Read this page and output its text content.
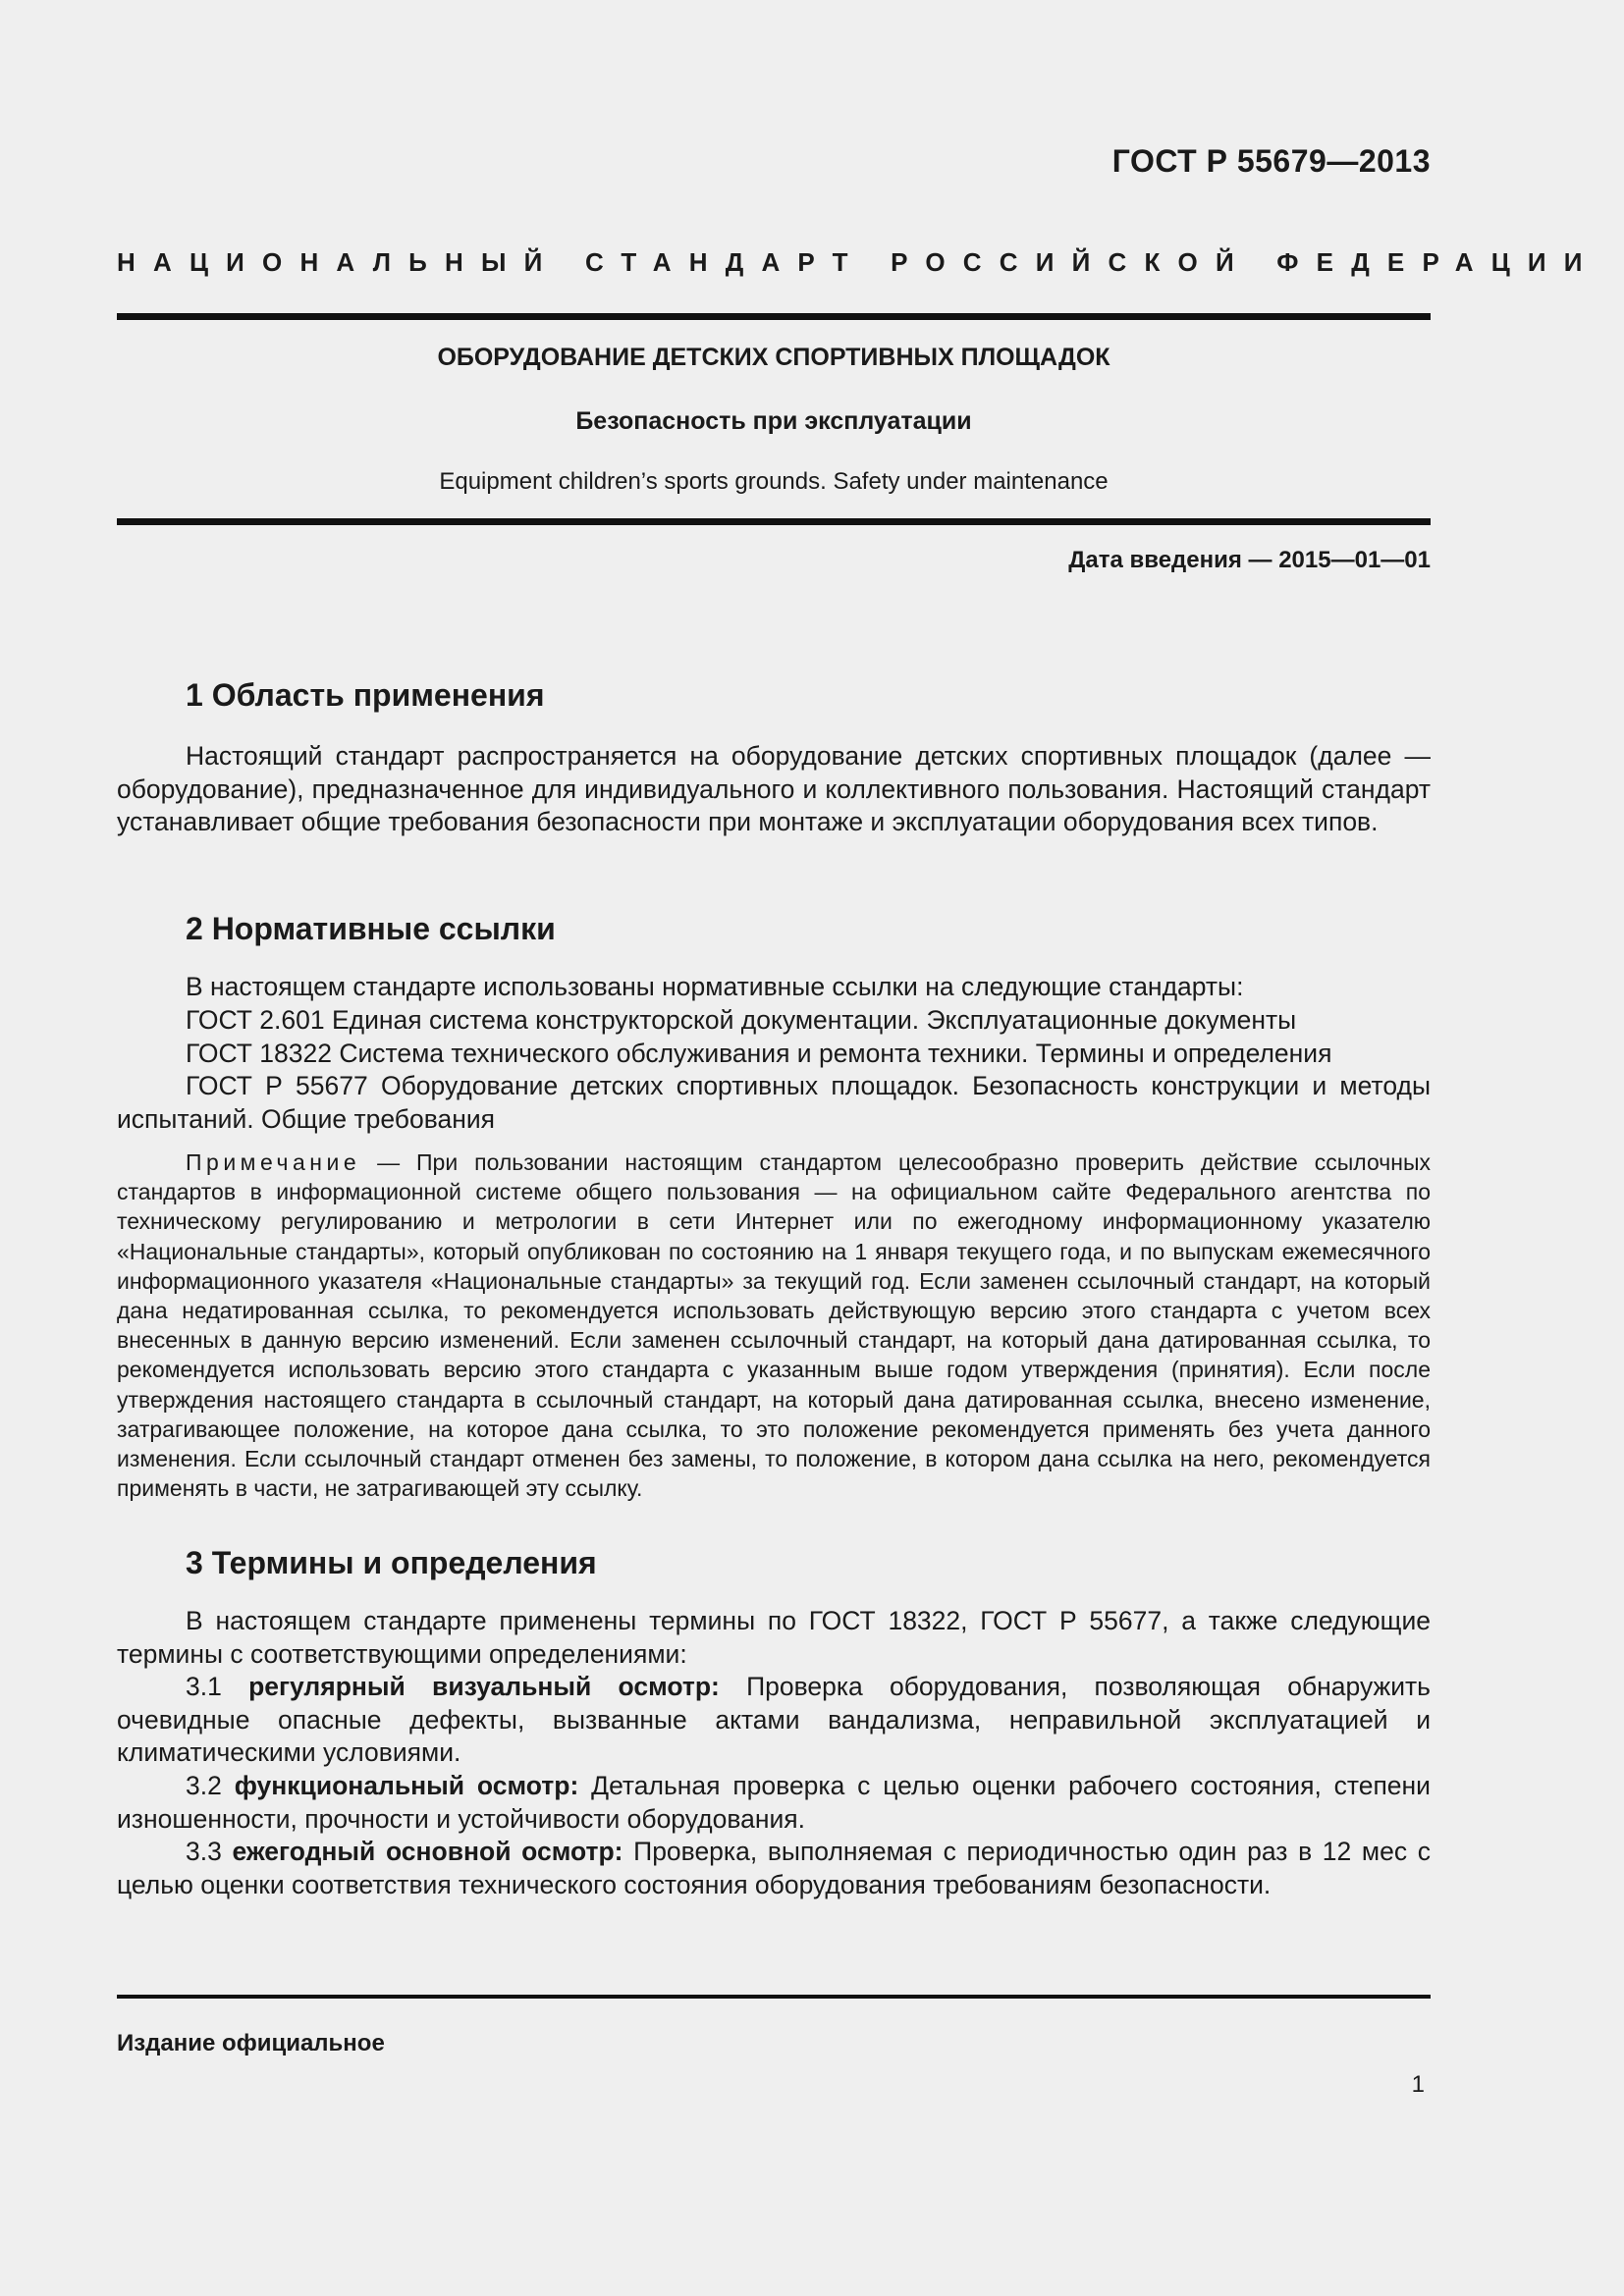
ГОСТ Р 55679—2013
НАЦИОНАЛЬНЫЙ СТАНДАРТ РОССИЙСКОЙ ФЕДЕРАЦИИ
ОБОРУДОВАНИЕ ДЕТСКИХ СПОРТИВНЫХ ПЛОЩАДОК
Безопасность при эксплуатации
Equipment children’s sports grounds. Safety under maintenance
Дата введения — 2015—01—01
1 Область применения
Настоящий стандарт распространяется на оборудование детских спортивных площадок (далее — оборудование), предназначенное для индивидуального и коллективного пользования. Настоящий стандарт устанавливает общие требования безопасности при монтаже и эксплуатации оборудования всех типов.
2 Нормативные ссылки
В настоящем стандарте использованы нормативные ссылки на следующие стандарты:
ГОСТ 2.601 Единая система конструкторской документации. Эксплуатационные документы
ГОСТ 18322 Система технического обслуживания и ремонта техники. Термины и определения
ГОСТ Р 55677 Оборудование детских спортивных площадок. Безопасность конструкции и методы испытаний. Общие требования
Примечание — При пользовании настоящим стандартом целесообразно проверить действие ссылочных стандартов в информационной системе общего пользования — на официальном сайте Федерального агентства по техническому регулированию и метрологии в сети Интернет или по ежегодному информационному указателю «Национальные стандарты», который опубликован по состоянию на 1 января текущего года, и по выпускам ежемесячного информационного указателя «Национальные стандарты» за текущий год. Если заменен ссылочный стандарт, на который дана недатированная ссылка, то рекомендуется использовать действующую версию этого стандарта с учетом всех внесенных в данную версию изменений. Если заменен ссылочный стандарт, на который дана датированная ссылка, то рекомендуется использовать версию этого стандарта с указанным выше годом утверждения (принятия). Если после утверждения настоящего стандарта в ссылочный стандарт, на который дана датированная ссылка, внесено изменение, затрагивающее положение, на которое дана ссылка, то это положение рекомендуется применять без учета данного изменения. Если ссылочный стандарт отменен без замены, то положение, в котором дана ссылка на него, рекомендуется применять в части, не затрагивающей эту ссылку.
3 Термины и определения
В настоящем стандарте применены термины по ГОСТ 18322, ГОСТ Р 55677, а также следующие термины с соответствующими определениями:
3.1 регулярный визуальный осмотр: Проверка оборудования, позволяющая обнаружить очевидные опасные дефекты, вызванные актами вандализма, неправильной эксплуатацией и климатическими условиями.
3.2 функциональный осмотр: Детальная проверка с целью оценки рабочего состояния, степени изношенности, прочности и устойчивости оборудования.
3.3 ежегодный основной осмотр: Проверка, выполняемая с периодичностью один раз в 12 мес с целью оценки соответствия технического состояния оборудования требованиям безопасности.
Издание официальное
1
